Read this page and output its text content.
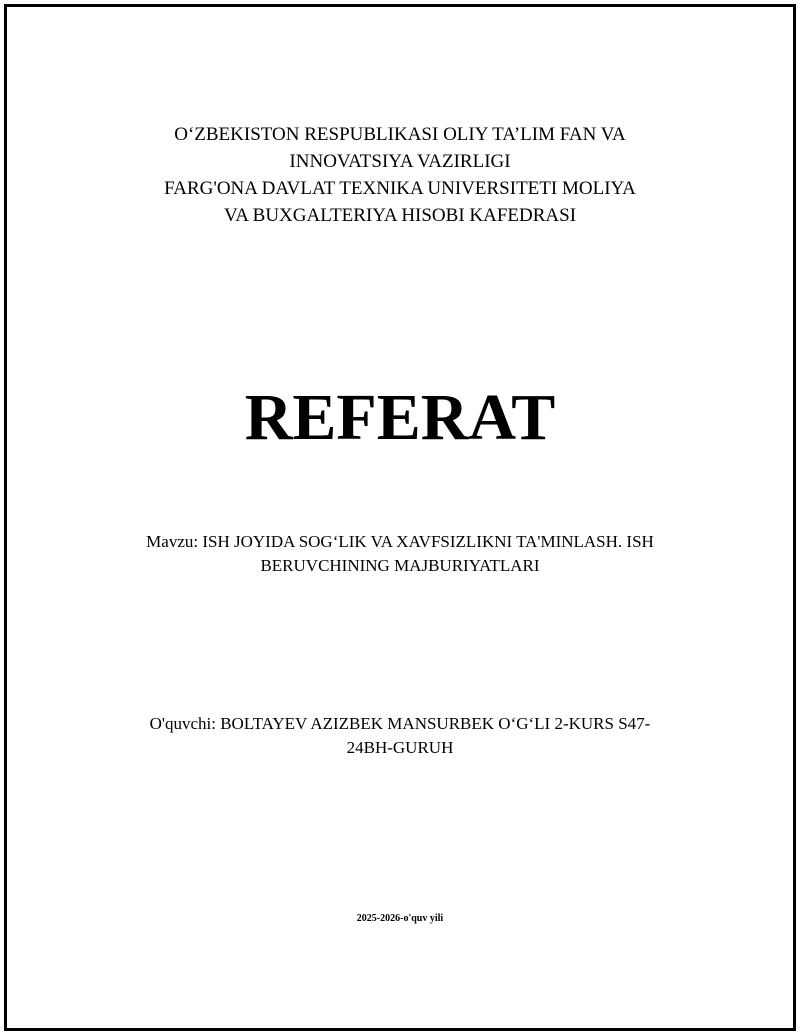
O‘ZBEKISTON RESPUBLIKASI OLIY TA’LIM FAN VA
INNOVATSIYA VAZIRLIGI
FARG'ONA DAVLAT TEXNIKA UNIVERSITETI MOLIYA
VA BUXGALTERIYA HISOBI KAFEDRASI
REFERAT
Mavzu: ISH JOYIDA SOG‘LIK VA XAVFSIZLIKNI TA'MINLASH. ISH
BERUVCHINING MAJBURIYATLARI
O'quvchi: BOLTAYEV AZIZBEK MANSURBEK O‘G‘LI 2-KURS S47-
24BH-GURUH
2025-2026-o'quv yili
